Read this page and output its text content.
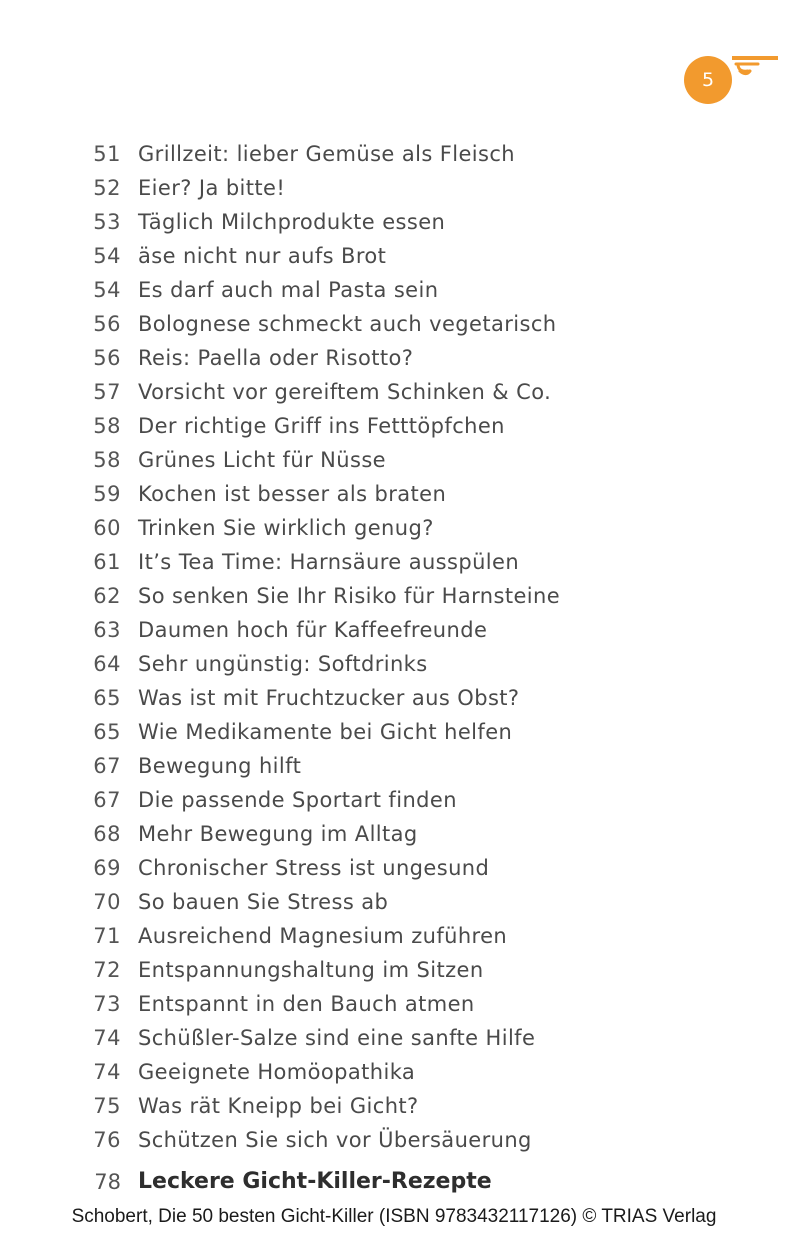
5
51 Grillzeit: lieber Gemüse als Fleisch
52 Eier? Ja bitte!
53 Täglich Milchprodukte essen
54 äse nicht nur aufs Brot
54 Es darf auch mal Pasta sein
56 Bolognese schmeckt auch vegetarisch
56 Reis: Paella oder Risotto?
57 Vorsicht vor gereiftem Schinken & Co.
58 Der richtige Griff ins Fetttöpfchen
58 Grünes Licht für Nüsse
59 Kochen ist besser als braten
60 Trinken Sie wirklich genug?
61 It’s Tea Time: Harnsäure ausspülen
62 So senken Sie Ihr Risiko für Harnsteine
63 Daumen hoch für Kaffeefreunde
64 Sehr ungünstig: Softdrinks
65 Was ist mit Fruchtzucker aus Obst?
65 Wie Medikamente bei Gicht helfen
67 Bewegung hilft
67 Die passende Sportart finden
68 Mehr Bewegung im Alltag
69 Chronischer Stress ist ungesund
70 So bauen Sie Stress ab
71 Ausreichend Magnesium zuführen
72 Entspannungshaltung im Sitzen
73 Entspannt in den Bauch atmen
74 Schüßler-Salze sind eine sanfte Hilfe
74 Geeignete Homöopathika
75 Was rät Kneipp bei Gicht?
76 Schützen Sie sich vor Übersäuerung
78 Leckere Gicht-Killer-Rezepte
Schobert, Die 50 besten Gicht-Killer (ISBN 9783432117126) © TRIAS Verlag
